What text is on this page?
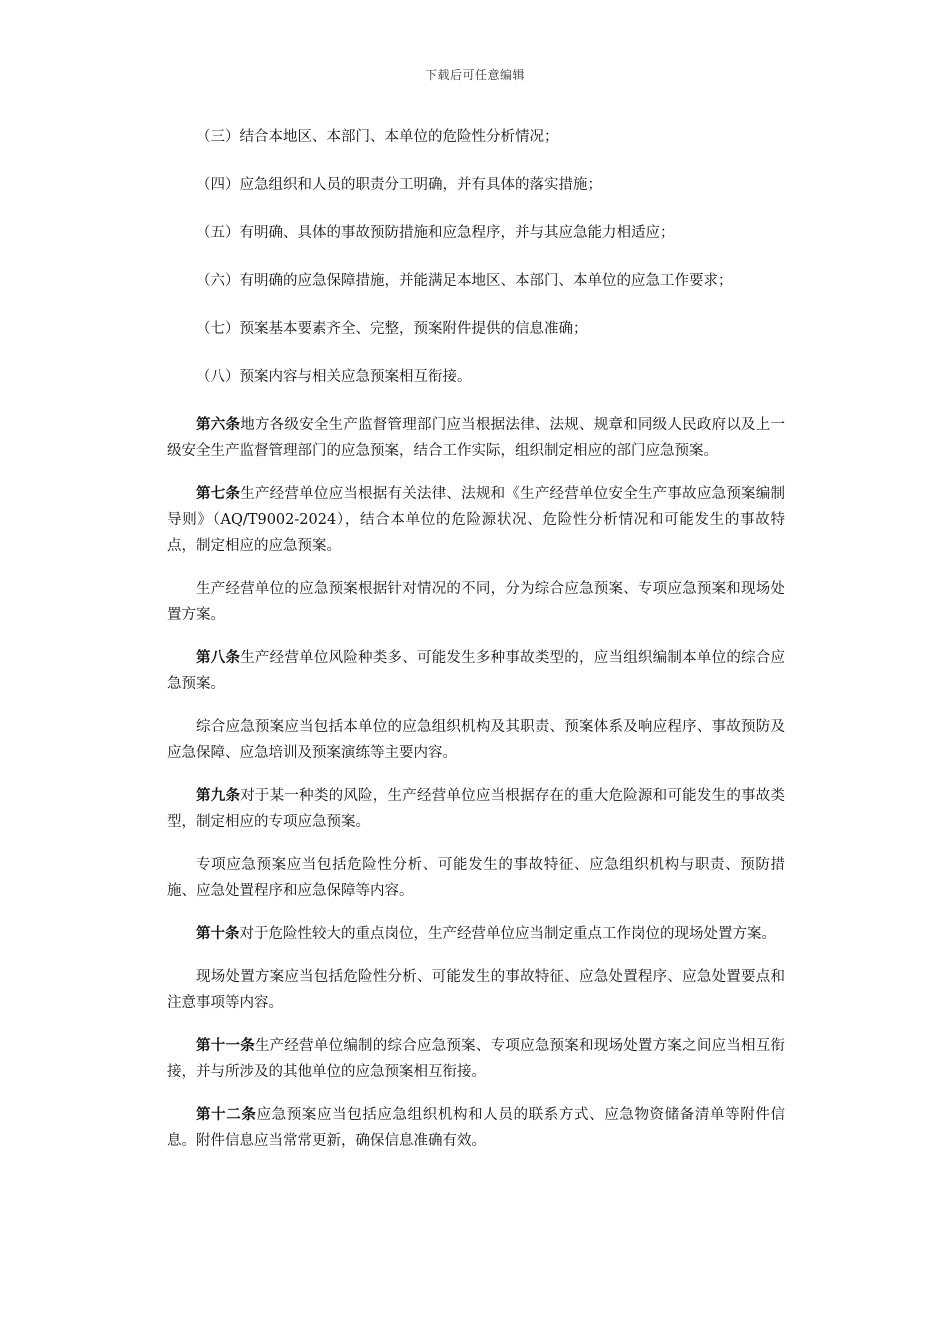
下载后可任意编辑

（三）结合本地区、本部门、本单位的危险性分析情况；

（四）应急组织和人员的职责分工明确，并有具体的落实措施；

（五）有明确、具体的事故预防措施和应急程序，并与其应急能力相适应；

（六）有明确的应急保障措施，并能满足本地区、本部门、本单位的应急工作要求；

（七）预案基本要素齐全、完整，预案附件提供的信息准确；

（八）预案内容与相关应急预案相互衔接。

第六条地方各级安全生产监督管理部门应当根据法律、法规、规章和同级人民政府以及上一级安全生产监督管理部门的应急预案，结合工作实际，组织制定相应的部门应急预案。

第七条生产经营单位应当根据有关法律、法规和《生产经营单位安全生产事故应急预案编制导则》（AQ/T9002-2024），结合本单位的危险源状况、危险性分析情况和可能发生的事故特点，制定相应的应急预案。

生产经营单位的应急预案根据针对情况的不同，分为综合应急预案、专项应急预案和现场处置方案。

第八条生产经营单位风险种类多、可能发生多种事故类型的，应当组织编制本单位的综合应急预案。

综合应急预案应当包括本单位的应急组织机构及其职责、预案体系及响应程序、事故预防及应急保障、应急培训及预案演练等主要内容。

第九条对于某一种类的风险，生产经营单位应当根据存在的重大危险源和可能发生的事故类型，制定相应的专项应急预案。

专项应急预案应当包括危险性分析、可能发生的事故特征、应急组织机构与职责、预防措施、应急处置程序和应急保障等内容。

第十条对于危险性较大的重点岗位，生产经营单位应当制定重点工作岗位的现场处置方案。

现场处置方案应当包括危险性分析、可能发生的事故特征、应急处置程序、应急处置要点和注意事项等内容。

第十一条生产经营单位编制的综合应急预案、专项应急预案和现场处置方案之间应当相互衔接，并与所涉及的其他单位的应急预案相互衔接。

第十二条应急预案应当包括应急组织机构和人员的联系方式、应急物资储备清单等附件信息。附件信息应当常常更新，确保信息准确有效。
